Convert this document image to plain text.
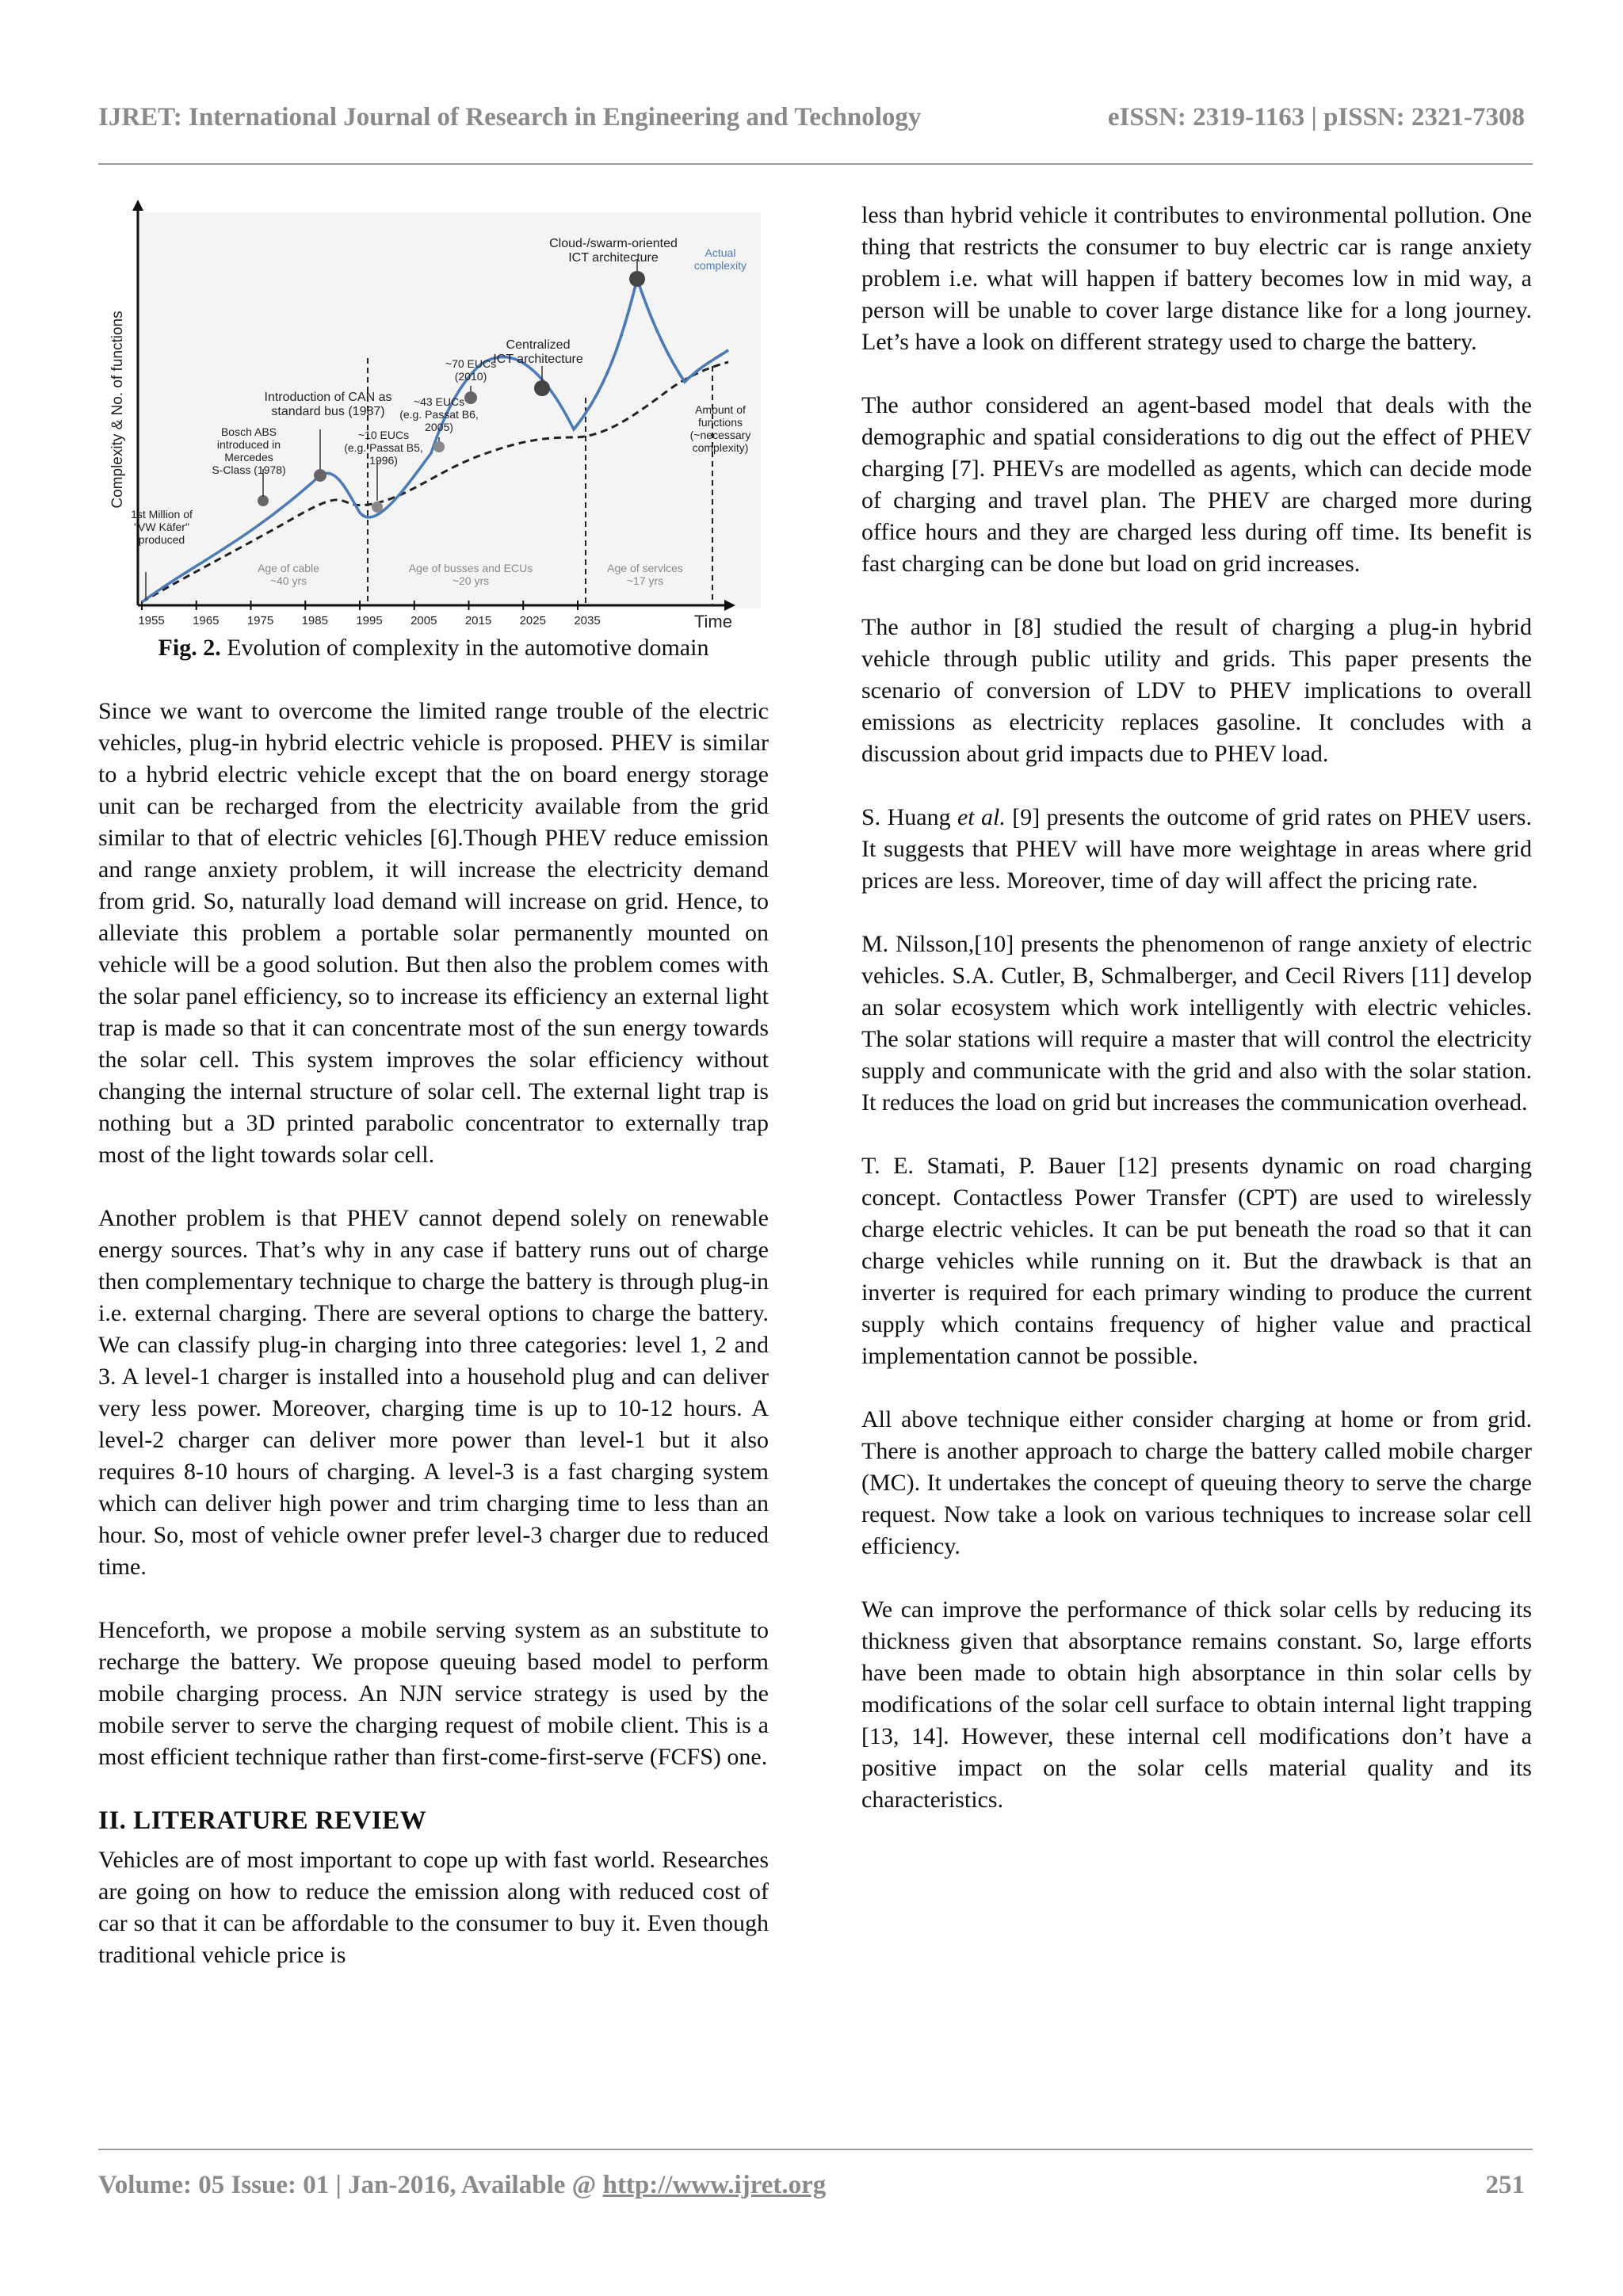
IJRET: International Journal of Research in Engineering and Technology	eISSN: 2319-1163 | pISSN: 2321-7308
Complexity & No. of functions
Time
1955 1965 1975 1985 1995 2005 2015 2025 2035
1st Million of "VW Käfer" produced
Bosch ABS introduced in Mercedes S-Class (1978)
Introduction of CAN as standard bus (1987)
~10 EUCs (e.g. Passat B5, 1996)
~43 EUCs (e.g. Passat B6, 2005)
~70 EUCs (2010)
Centralized ICT architecture
Cloud-/swarm-oriented ICT architecture	Actual complexity
Amount of functions (~necessary complexity)
Age of cable ~40 yrs
Age of busses and ECUs ~20 yrs
Age of services ~17 yrs
Fig. 2. Evolution of complexity in the automotive domain

Since we want to overcome the limited range trouble of the electric vehicles, plug-in hybrid electric vehicle is proposed. PHEV is similar to a hybrid electric vehicle except that the on board energy storage unit can be recharged from the electricity available from the grid similar to that of electric vehicles [6].Though PHEV reduce emission and range anxiety problem, it will increase the electricity demand from grid. So, naturally load demand will increase on grid. Hence, to alleviate this problem a portable solar permanently mounted on vehicle will be a good solution. But then also the problem comes with the solar panel efficiency, so to increase its efficiency an external light trap is made so that it can concentrate most of the sun energy towards the solar cell. This system improves the solar efficiency without changing the internal structure of solar cell. The external light trap is nothing but a 3D printed parabolic concentrator to externally trap most of the light towards solar cell.

Another problem is that PHEV cannot depend solely on renewable energy sources. That’s why in any case if battery runs out of charge then complementary technique to charge the battery is through plug-in i.e. external charging. There are several options to charge the battery. We can classify plug-in charging into three categories: level 1, 2 and 3. A level-1 charger is installed into a household plug and can deliver very less power. Moreover, charging time is up to 10-12 hours. A level-2 charger can deliver more power than level-1 but it also requires 8-10 hours of charging. A level-3 is a fast charging system which can deliver high power and trim charging time to less than an hour. So, most of vehicle owner prefer level-3 charger due to reduced time.

Henceforth, we propose a mobile serving system as an substitute to recharge the battery. We propose queuing based model to perform mobile charging process. An NJN service strategy is used by the mobile server to serve the charging request of mobile client. This is a most efficient technique rather than first-come-first-serve (FCFS) one.

II. LITERATURE REVIEW

Vehicles are of most important to cope up with fast world. Researches are going on how to reduce the emission along with reduced cost of car so that it can be affordable to the consumer to buy it. Even though traditional vehicle price is

less than hybrid vehicle it contributes to environmental pollution. One thing that restricts the consumer to buy electric car is range anxiety problem i.e. what will happen if battery becomes low in mid way, a person will be unable to cover large distance like for a long journey. Let’s have a look on different strategy used to charge the battery.

The author considered an agent-based model that deals with the demographic and spatial considerations to dig out the effect of PHEV charging [7]. PHEVs are modelled as agents, which can decide mode of charging and travel plan. The PHEV are charged more during office hours and they are charged less during off time. Its benefit is fast charging can be done but load on grid increases.

The author in [8] studied the result of charging a plug-in hybrid vehicle through public utility and grids. This paper presents the scenario of conversion of LDV to PHEV implications to overall emissions as electricity replaces gasoline. It concludes with a discussion about grid impacts due to PHEV load.

S. Huang et al. [9] presents the outcome of grid rates on PHEV users. It suggests that PHEV will have more weightage in areas where grid prices are less. Moreover, time of day will affect the pricing rate.

M. Nilsson,[10] presents the phenomenon of range anxiety of electric vehicles. S.A. Cutler, B, Schmalberger, and Cecil Rivers [11] develop an solar ecosystem which work intelligently with electric vehicles. The solar stations will require a master that will control the electricity supply and communicate with the grid and also with the solar station. It reduces the load on grid but increases the communication overhead.

T. E. Stamati, P. Bauer [12] presents dynamic on road charging concept. Contactless Power Transfer (CPT) are used to wirelessly charge electric vehicles. It can be put beneath the road so that it can charge vehicles while running on it. But the drawback is that an inverter is required for each primary winding to produce the current supply which contains frequency of higher value and practical implementation cannot be possible.

All above technique either consider charging at home or from grid. There is another approach to charge the battery called mobile charger (MC). It undertakes the concept of queuing theory to serve the charge request. Now take a look on various techniques to increase solar cell efficiency.

We can improve the performance of thick solar cells by reducing its thickness given that absorptance remains constant. So, large efforts have been made to obtain high absorptance in thin solar cells by modifications of the solar cell surface to obtain internal light trapping [13, 14]. However, these internal cell modifications don’t have a positive impact on the solar cells material quality and its characteristics.

Volume: 05 Issue: 01 | Jan-2016, Available @ http://www.ijret.org	251
